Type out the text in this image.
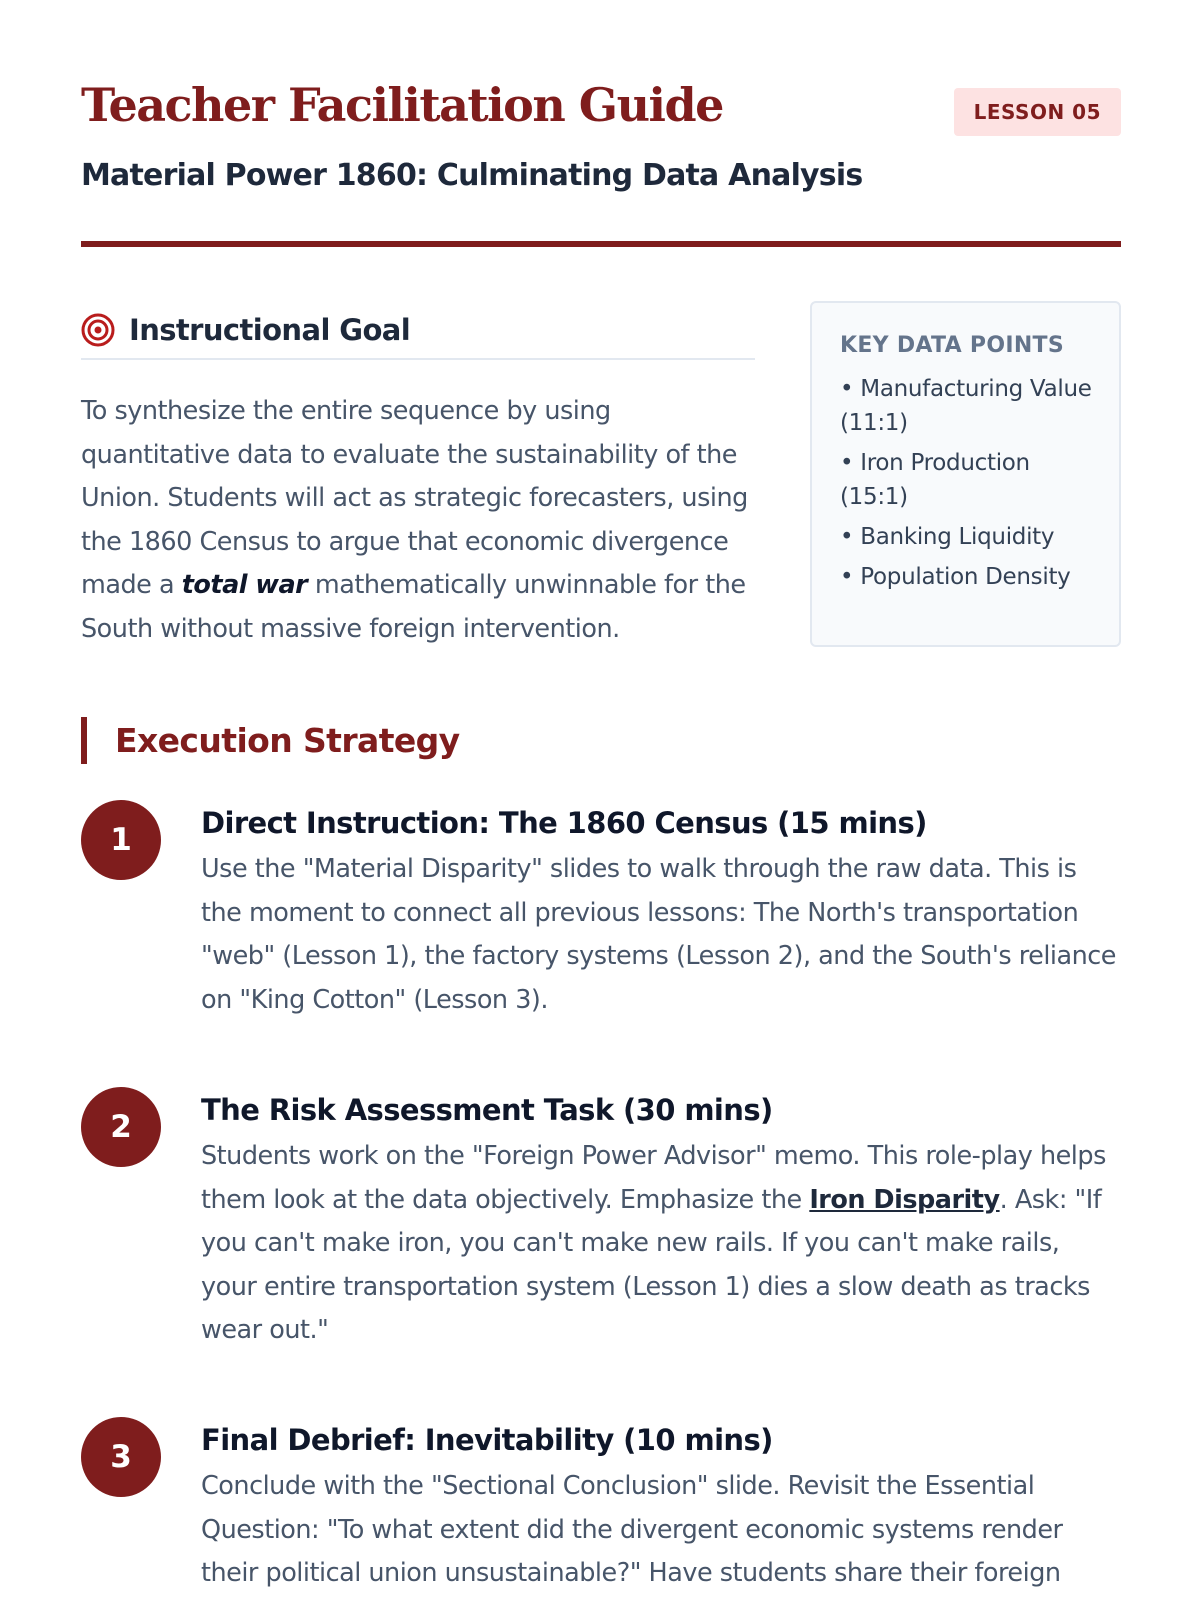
Teacher Facilitation Guide
Material Power 1860: Culminating Data Analysis
LESSON 05
Instructional Goal

To synthesize the entire sequence by using quantitative data to evaluate the sustainability of the Union. Students will act as strategic forecasters, using the 1860 Census to argue that economic divergence made a total war mathematically unwinnable for the South without massive foreign intervention.

KEY DATA POINTS
• Manufacturing Value (11:1)
• Iron Production (15:1)
• Banking Liquidity
• Population Density
Execution Strategy
1	Direct Instruction: The 1860 Census (15 mins)

Use the "Material Disparity" slides to walk through the raw data. This is the moment to connect all previous lessons: The North's transportation "web" (Lesson 1), the factory systems (Lesson 2), and the South's reliance on "King Cotton" (Lesson 3).

2	The Risk Assessment Task (30 mins)

Students work on the "Foreign Power Advisor" memo. This role-play helps them look at the data objectively. Emphasize the Iron Disparity. Ask: "If you can't make iron, you can't make new rails. If you can't make rails, your entire transportation system (Lesson 1) dies a slow death as tracks wear out."

3	Final Debrief: Inevitability (10 mins)

Conclude with the "Sectional Conclusion" slide. Revisit the Essential Question: "To what extent did the divergent economic systems render their political union unsustainable?" Have students share their foreign
